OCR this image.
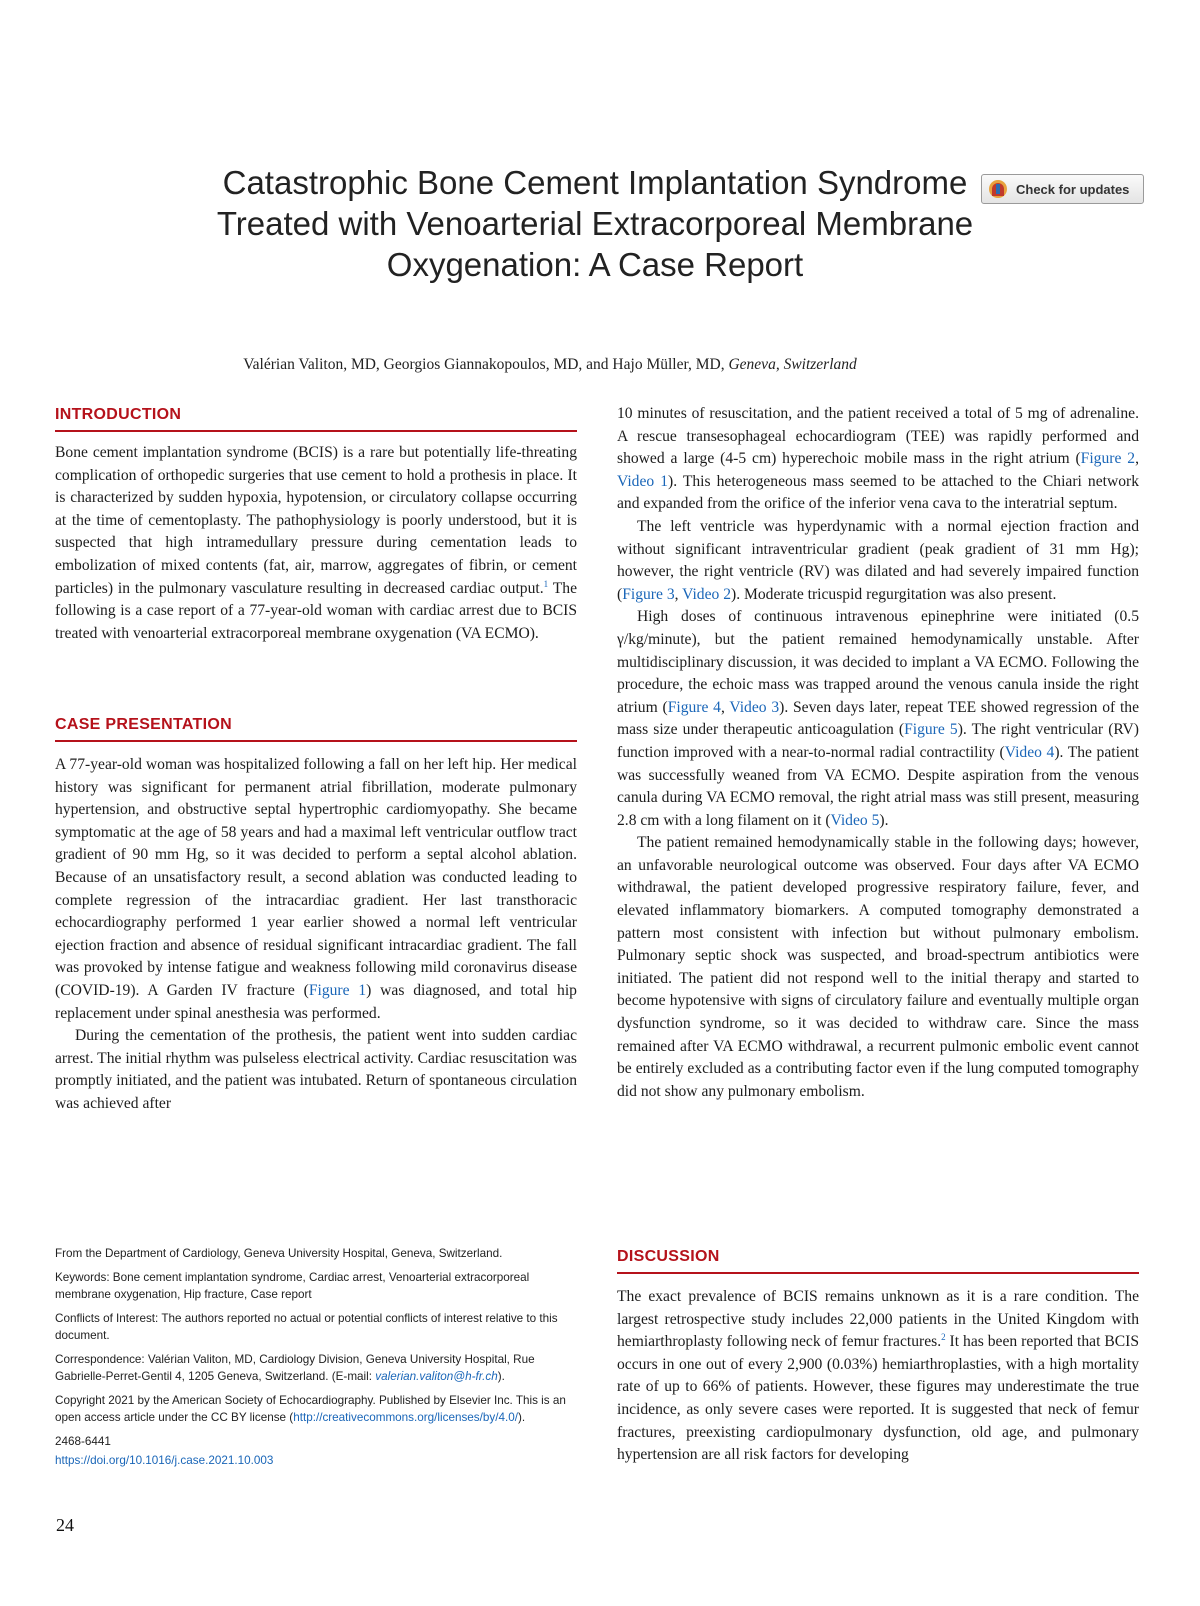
Catastrophic Bone Cement Implantation Syndrome Treated with Venoarterial Extracorporeal Membrane Oxygenation: A Case Report
Check for updates

Valérian Valiton, MD, Georgios Giannakopoulos, MD, and Hajo Müller, MD, Geneva, Switzerland

INTRODUCTION
Bone cement implantation syndrome (BCIS) is a rare but potentially life-threating complication of orthopedic surgeries that use cement to hold a prothesis in place. It is characterized by sudden hypoxia, hypotension, or circulatory collapse occurring at the time of cementoplasty. The pathophysiology is poorly understood, but it is suspected that high intramedullary pressure during cementation leads to embolization of mixed contents (fat, air, marrow, aggregates of fibrin, or cement particles) in the pulmonary vasculature resulting in decreased cardiac output.$^1$ The following is a case report of a 77-year-old woman with cardiac arrest due to BCIS treated with venoarterial extracorporeal membrane oxygenation (VA ECMO).
CASE PRESENTATION

A 77-year-old woman was hospitalized following a fall on her left hip. Her medical history was significant for permanent atrial fibrillation, moderate pulmonary hypertension, and obstructive septal hypertrophic cardiomyopathy. She became symptomatic at the age of 58 years and had a maximal left ventricular outflow tract gradient of 90 mm Hg, so it was decided to perform a septal alcohol ablation. Because of an unsatisfactory result, a second ablation was conducted leading to complete regression of the intracardiac gradient. Her last transthoracic echocardiography performed 1 year earlier showed a normal left ventricular ejection fraction and absence of residual significant intracardiac gradient. The fall was provoked by intense fatigue and weakness following mild coronavirus disease (COVID-19). A Garden IV fracture (Figure 1) was diagnosed, and total hip replacement under spinal anesthesia was performed.

During the cementation of the prothesis, the patient went into sudden cardiac arrest. The initial rhythm was pulseless electrical activity. Cardiac resuscitation was promptly initiated, and the patient was intubated. Return of spontaneous circulation was achieved after

10 minutes of resuscitation, and the patient received a total of 5 mg of adrenaline. A rescue transesophageal echocardiogram (TEE) was rapidly performed and showed a large (4-5 cm) hyperechoic mobile mass in the right atrium (Figure 2, Video 1). This heterogeneous mass seemed to be attached to the Chiari network and expanded from the orifice of the inferior vena cava to the interatrial septum.

The left ventricle was hyperdynamic with a normal ejection fraction and without significant intraventricular gradient (peak gradient of 31 mm Hg); however, the right ventricle (RV) was dilated and had severely impaired function (Figure 3, Video 2). Moderate tricuspid regurgitation was also present.

High doses of continuous intravenous epinephrine were initiated (0.5 γ/kg/minute), but the patient remained hemodynamically unstable. After multidisciplinary discussion, it was decided to implant a VA ECMO. Following the procedure, the echoic mass was trapped around the venous canula inside the right atrium (Figure 4, Video 3). Seven days later, repeat TEE showed regression of the mass size under therapeutic anticoagulation (Figure 5). The right ventricular (RV) function improved with a near-to-normal radial contractility (Video 4). The patient was successfully weaned from VA ECMO. Despite aspiration from the venous canula during VA ECMO removal, the right atrial mass was still present, measuring 2.8 cm with a long filament on it (Video 5).

The patient remained hemodynamically stable in the following days; however, an unfavorable neurological outcome was observed. Four days after VA ECMO withdrawal, the patient developed progressive respiratory failure, fever, and elevated inflammatory biomarkers. A computed tomography demonstrated a pattern most consistent with infection but without pulmonary embolism. Pulmonary septic shock was suspected, and broad-spectrum antibiotics were initiated. The patient did not respond well to the initial therapy and started to become hypotensive with signs of circulatory failure and eventually multiple organ dysfunction syndrome, so it was decided to withdraw care. Since the mass remained after VA ECMO withdrawal, a recurrent pulmonic embolic event cannot be entirely excluded as a contributing factor even if the lung computed tomography did not show any pulmonary embolism.

DISCUSSION
The exact prevalence of BCIS remains unknown as it is a rare condition. The largest retrospective study includes 22,000 patients in the United Kingdom with hemiarthroplasty following neck of femur fractures.$^2$ It has been reported that BCIS occurs in one out of every 2,900 (0.03%) hemiarthroplasties, with a high mortality rate of up to 66% of patients. However, these figures may underestimate the true incidence, as only severe cases were reported. It is suggested that neck of femur fractures, preexisting cardiopulmonary dysfunction, old age, and pulmonary hypertension are all risk factors for developing

From the Department of Cardiology, Geneva University Hospital, Geneva, Switzerland.

Keywords: Bone cement implantation syndrome, Cardiac arrest, Venoarterial extracorporeal membrane oxygenation, Hip fracture, Case report

Conflicts of Interest: The authors reported no actual or potential conflicts of interest relative to this document.

Correspondence: Valérian Valiton, MD, Cardiology Division, Geneva University Hospital, Rue Gabrielle-Perret-Gentil 4, 1205 Geneva, Switzerland. (E-mail: valerian.valiton@h-fr.ch).

Copyright 2021 by the American Society of Echocardiography. Published by Elsevier Inc. This is an open access article under the CC BY license (http://creativecommons.org/licenses/by/4.0/).

2468-6441

https://doi.org/10.1016/j.case.2021.10.003

24
